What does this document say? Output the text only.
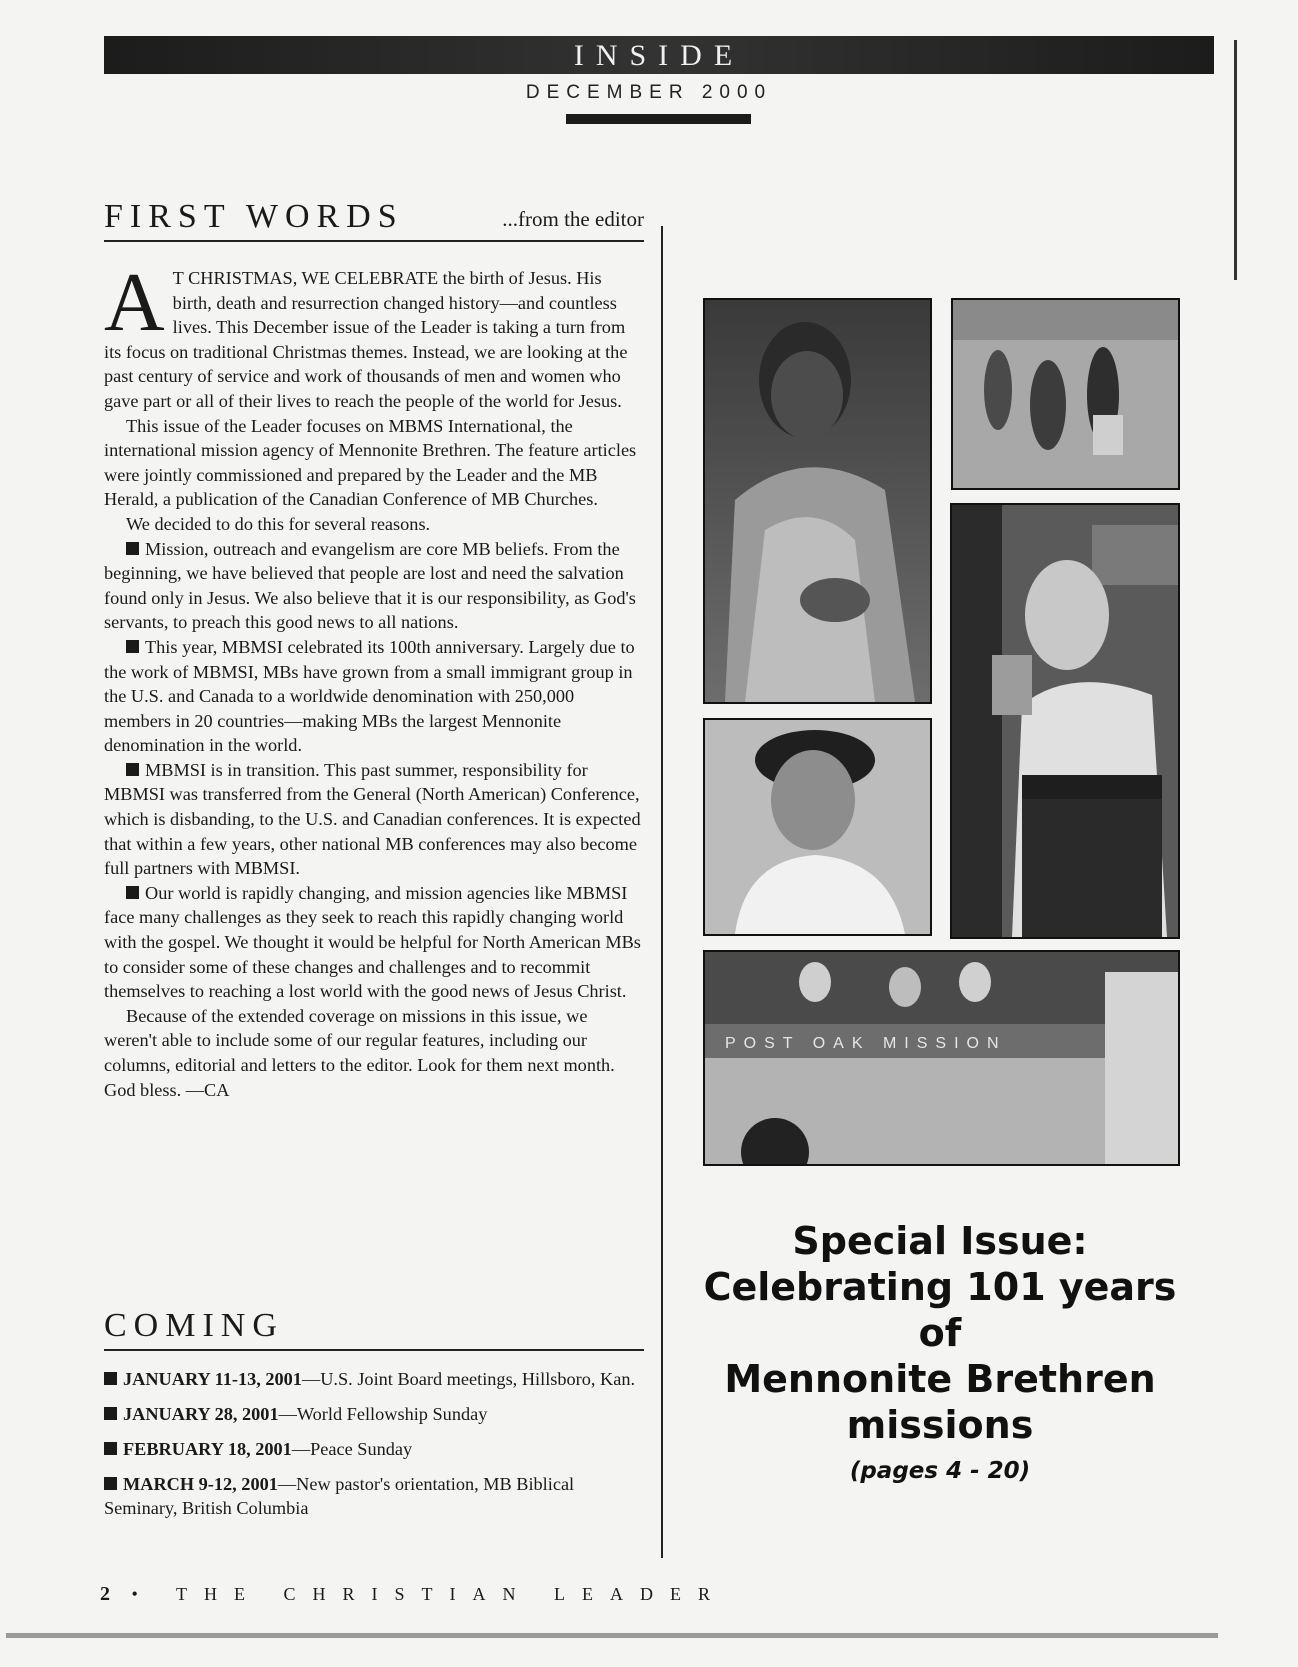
INSIDE
DECEMBER 2000
FIRST WORDS	...from the editor

A T CHRISTMAS, WE CELEBRATE the birth of Jesus. His birth, death and resurrection changed history—and countless lives. This December issue of the Leader is taking a turn from its focus on traditional Christmas themes. Instead, we are looking at the past century of service and work of thousands of men and women who gave part or all of their lives to reach the people of the world for Jesus.

This issue of the Leader focuses on MBMS International, the international mission agency of Mennonite Brethren. The feature articles were jointly commissioned and prepared by the Leader and the MB Herald, a publication of the Canadian Conference of MB Churches.

We decided to do this for several reasons.

Mission, outreach and evangelism are core MB beliefs. From the beginning, we have believed that people are lost and need the salvation found only in Jesus. We also believe that it is our responsibility, as God's servants, to preach this good news to all nations.

This year, MBMSI celebrated its 100th anniversary. Largely due to the work of MBMSI, MBs have grown from a small immigrant group in the U.S. and Canada to a worldwide denomination with 250,000 members in 20 countries—making MBs the largest Mennonite denomination in the world.

MBMSI is in transition. This past summer, responsibility for MBMSI was transferred from the General (North American) Conference, which is disbanding, to the U.S. and Canadian conferences. It is expected that within a few years, other national MB conferences may also become full partners with MBMSI.

Our world is rapidly changing, and mission agencies like MBMSI face many challenges as they seek to reach this rapidly changing world with the gospel. We thought it would be helpful for North American MBs to consider some of these changes and challenges and to recommit themselves to reaching a lost world with the good news of Jesus Christ.

Because of the extended coverage on missions in this issue, we weren't able to include some of our regular features, including our columns, editorial and letters to the editor. Look for them next month. God bless. —CA

COMING
JANUARY 11-13, 2001—U.S. Joint Board meetings, Hillsboro, Kan.
JANUARY 28, 2001—World Fellowship Sunday
FEBRUARY 18, 2001—Peace Sunday
MARCH 9-12, 2001—New pastor's orientation, MB Biblical Seminary, British Columbia
2 • THE CHRISTIAN LEADER
POST OAK MISSION
Special Issue:
Celebrating 101 years of
Mennonite Brethren
missions
(pages 4 - 20)
